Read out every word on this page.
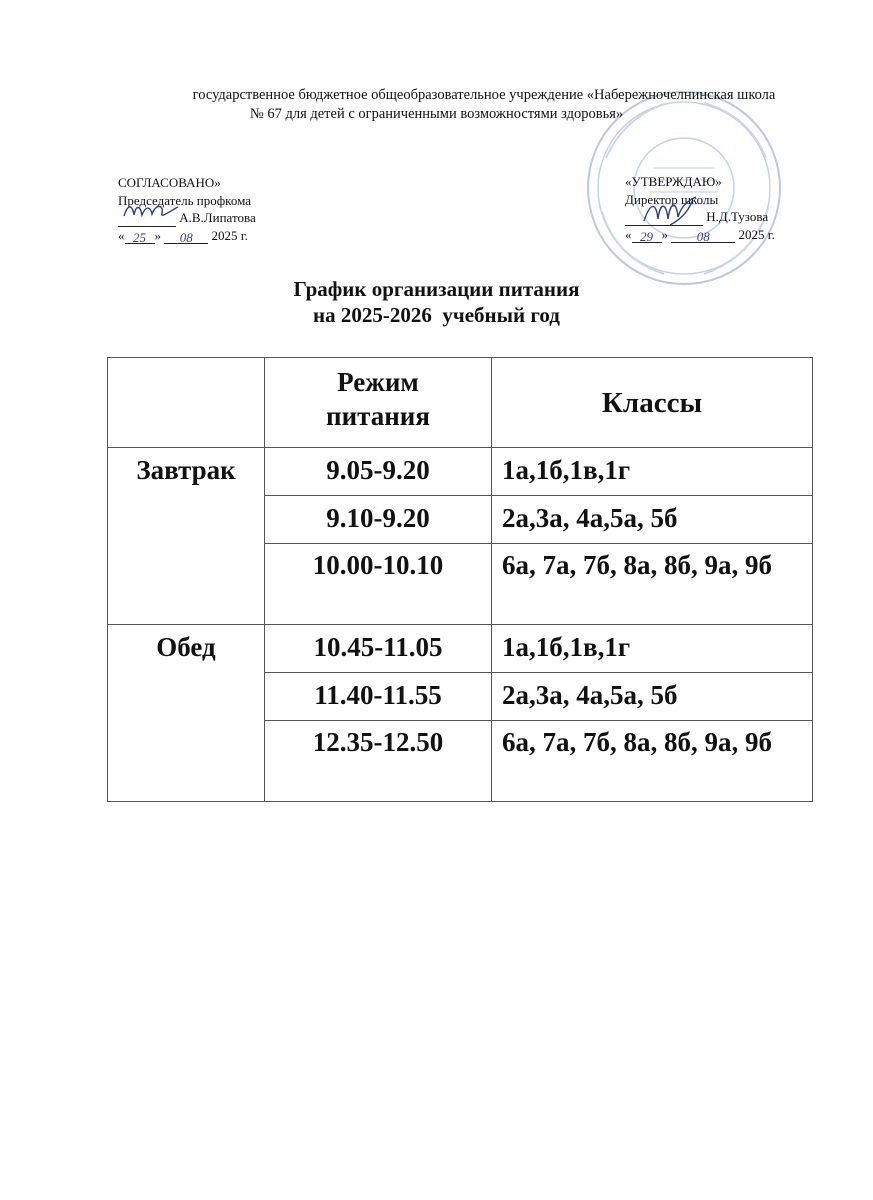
государственное бюджетное общеобразовательное учреждение «Набережночелнинская школа
№ 67 для детей с ограниченными возможностями здоровья»
СОГЛАСОВАНО»
Председатель профкома
А.В.Липатова
« 25 » 08 2025 г.
«УТВЕРЖДАЮ»
Директор школы
Н.Д.Тузова
« 29 » 08 2025 г.
График организации питания
на 2025-2026  учебный год

	Режим питания	Классы
Завтрак	9.05-9.20	1а,1б,1в,1г
	9.10-9.20	2а,3а, 4а,5а, 5б

	10.00-10.10	6а, 7а, 7б, 8а, 8б, 9а, 9б

Обед	10.45-11.05	1а,1б,1в,1г
	11.40-11.55	2а,3а, 4а,5а, 5б

	12.35-12.50	6а, 7а, 7б, 8а, 8б, 9а, 9б
